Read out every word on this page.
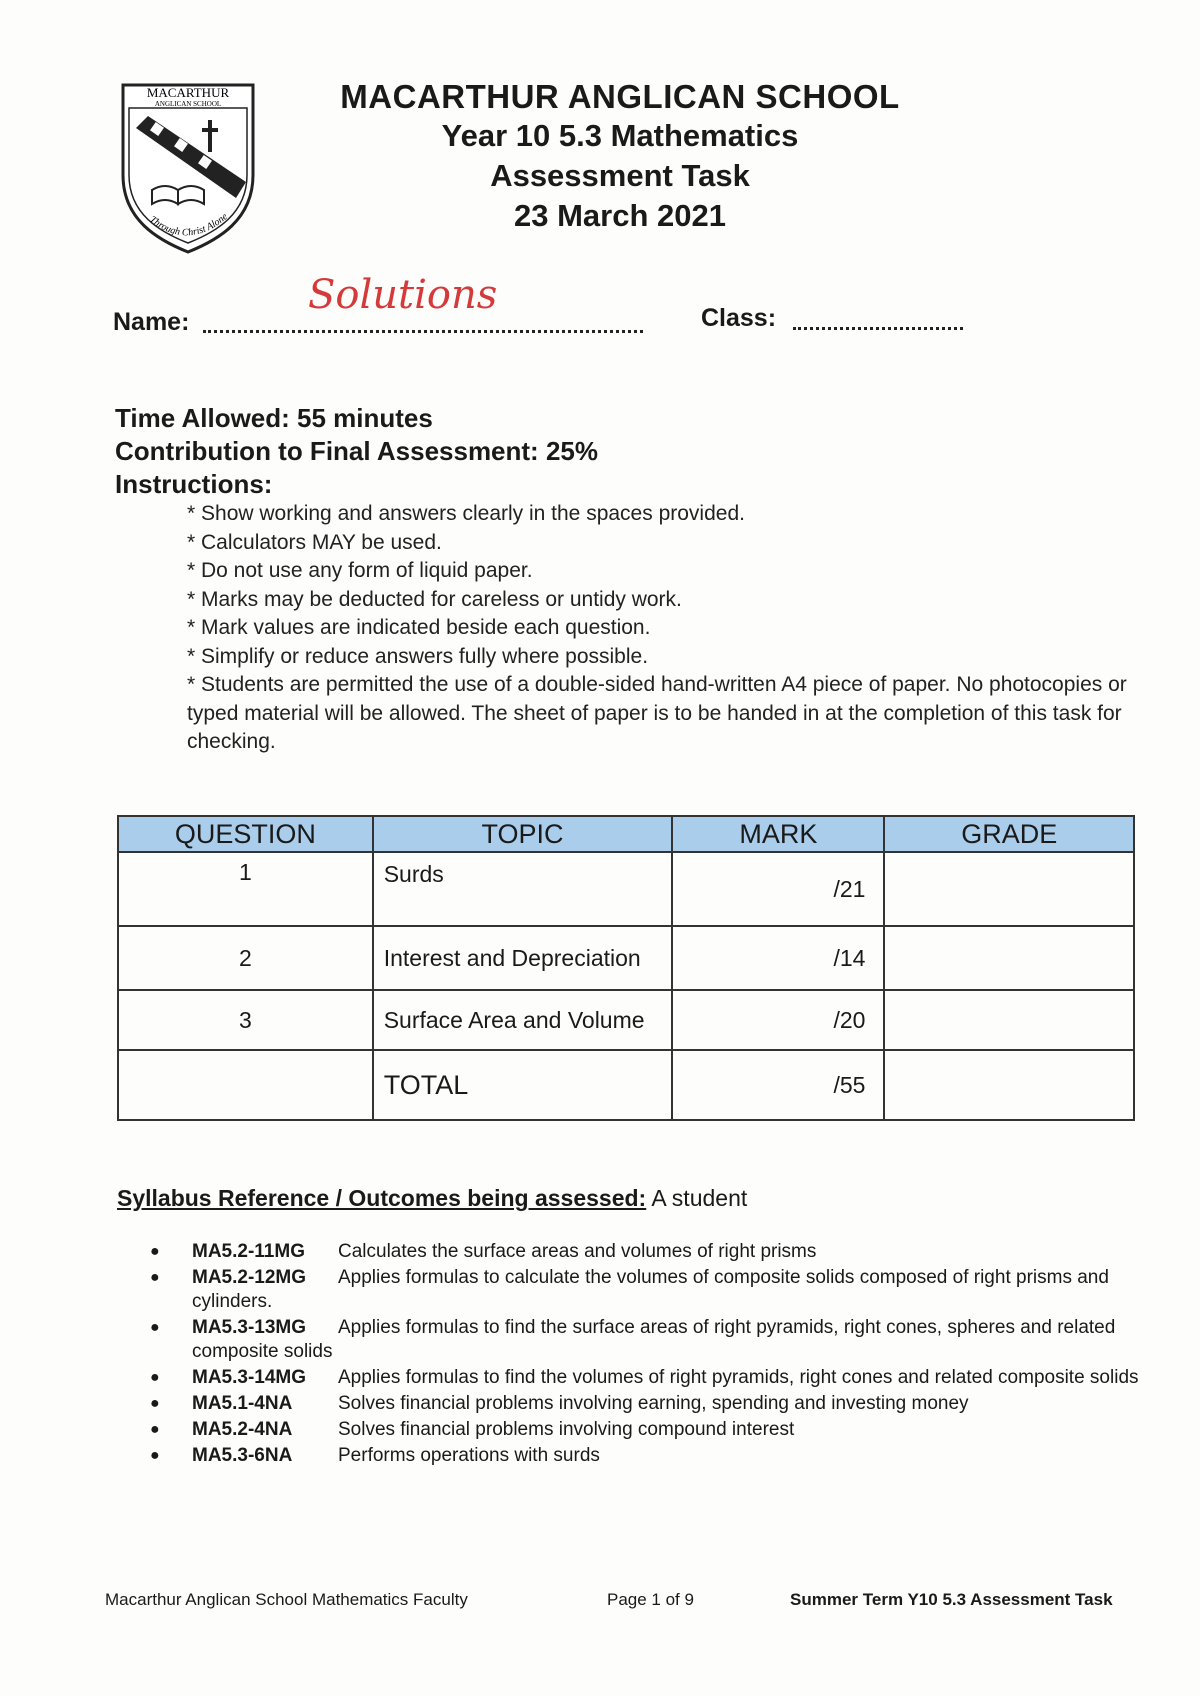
MACARTHUR
ANGLICAN SCHOOL
Through Christ Alone
MACARTHUR ANGLICAN SCHOOL
Year 10 5.3 Mathematics
Assessment Task
23 March 2021
Name:
Solutions	Class:
Time Allowed: 55 minutes
Contribution to Final Assessment: 25%
Instructions:
* Show working and answers clearly in the spaces provided.
* Calculators MAY be used.
* Do not use any form of liquid paper.
* Marks may be deducted for careless or untidy work.
* Mark values are indicated beside each question.
* Simplify or reduce answers fully where possible.
* Students are permitted the use of a double-sided hand-written A4 piece of paper. No photocopies or typed material will be allowed. The sheet of paper is to be handed in at the completion of this task for checking.
QUESTION	TOPIC	MARK	GRADE
1	Surds	/21	
2	Interest and Depreciation	/14	
3	Surface Area and Volume	/20	
	TOTAL	/55	
Syllabus Reference / Outcomes being assessed: A student
● MA5.2-11MG Calculates the surface areas and volumes of right prisms
● MA5.2-12MG Applies formulas to calculate the volumes of composite solids composed of right prisms and cylinders.
● MA5.3-13MG Applies formulas to find the surface areas of right pyramids, right cones, spheres and related composite solids
● MA5.3-14MG Applies formulas to find the volumes of right pyramids, right cones and related composite solids
● MA5.1-4NA Solves financial problems involving earning, spending and investing money
● MA5.2-4NA Solves financial problems involving compound interest
● MA5.3-6NA Performs operations with surds
Macarthur Anglican School Mathematics Faculty	Page 1 of 9	Summer Term Y10 5.3 Assessment Task
